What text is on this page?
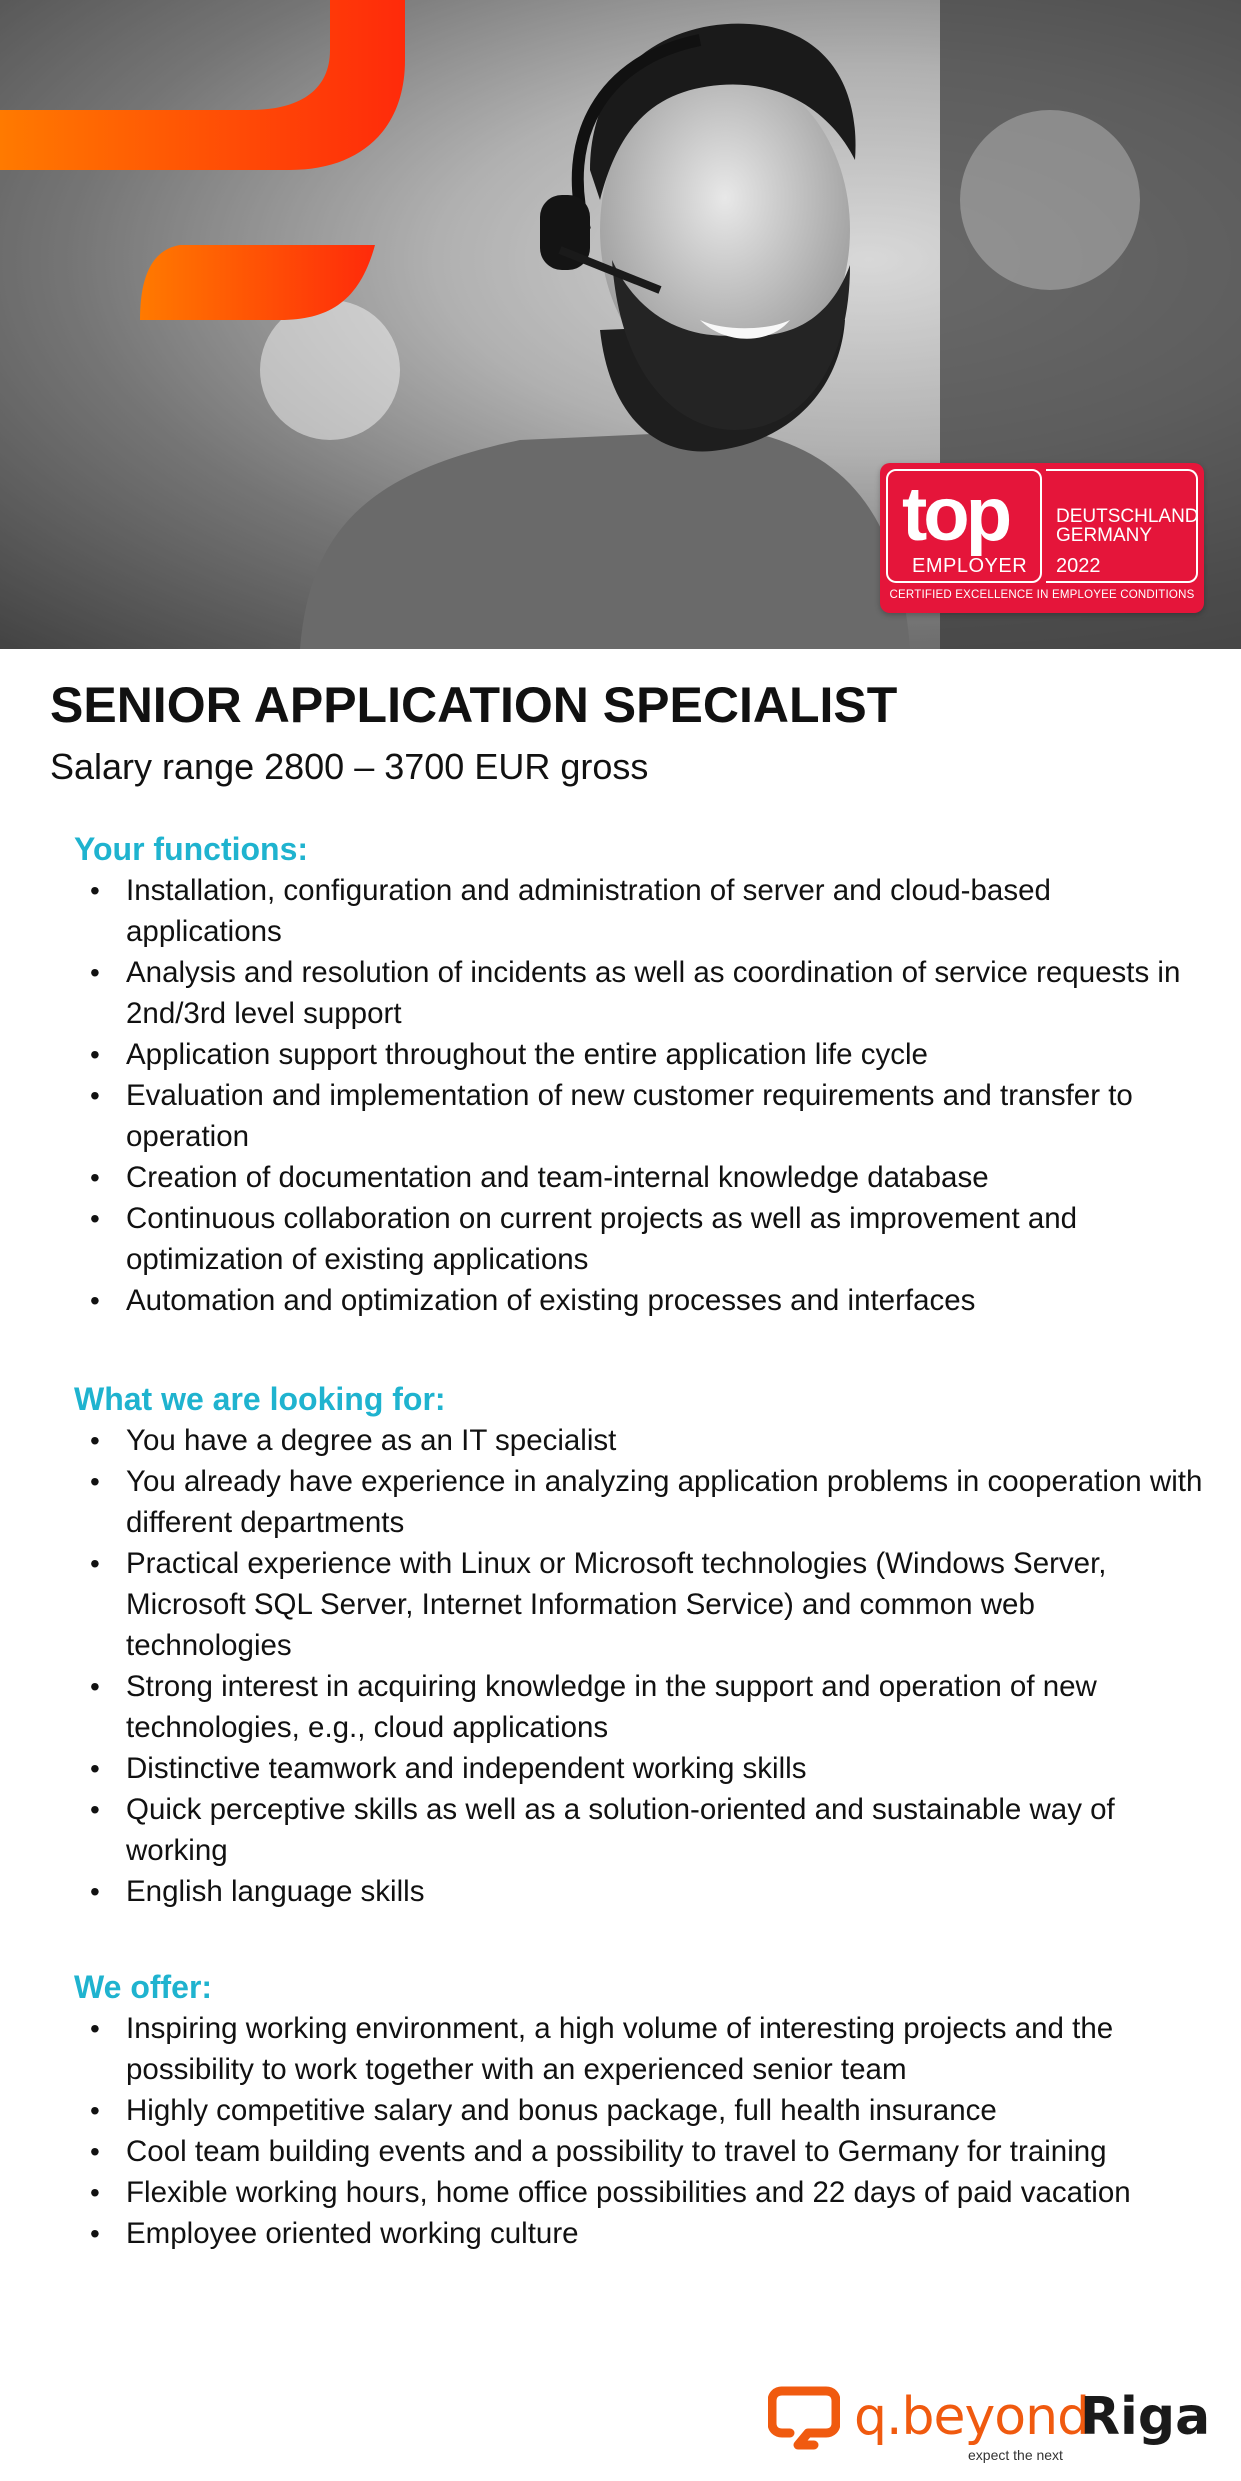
top
EMPLOYER
DEUTSCHLAND GERMANY
2022
CERTIFIED EXCELLENCE IN EMPLOYEE CONDITIONS
SENIOR APPLICATION SPECIALIST
Salary range 2800 – 3700 EUR gross
Your functions:
• Installation, configuration and administration of server and cloud-based applications
• Analysis and resolution of incidents as well as coordination of service requests in 2nd/3rd level support
• Application support throughout the entire application life cycle
• Evaluation and implementation of new customer requirements and transfer to operation
• Creation of documentation and team-internal knowledge database
• Continuous collaboration on current projects as well as improvement and optimization of existing applications
• Automation and optimization of existing processes and interfaces
What we are looking for:
• You have a degree as an IT specialist
• You already have experience in analyzing application problems in cooperation with different departments
• Practical experience with Linux or Microsoft technologies (Windows Server, Microsoft SQL Server, Internet Information Service) and common web technologies
• Strong interest in acquiring knowledge in the support and operation of new technologies, e.g., cloud applications
• Distinctive teamwork and independent working skills
• Quick perceptive skills as well as a solution-oriented and sustainable way of working
• English language skills
We offer:
• Inspiring working environment, a high volume of interesting projects and the possibility to work together with an experienced senior team
• Highly competitive salary and bonus package, full health insurance
• Cool team building events and a possibility to travel to Germany for training
• Flexible working hours, home office possibilities and 22 days of paid vacation
• Employee oriented working culture
q.beyond
Riga
expect the next
